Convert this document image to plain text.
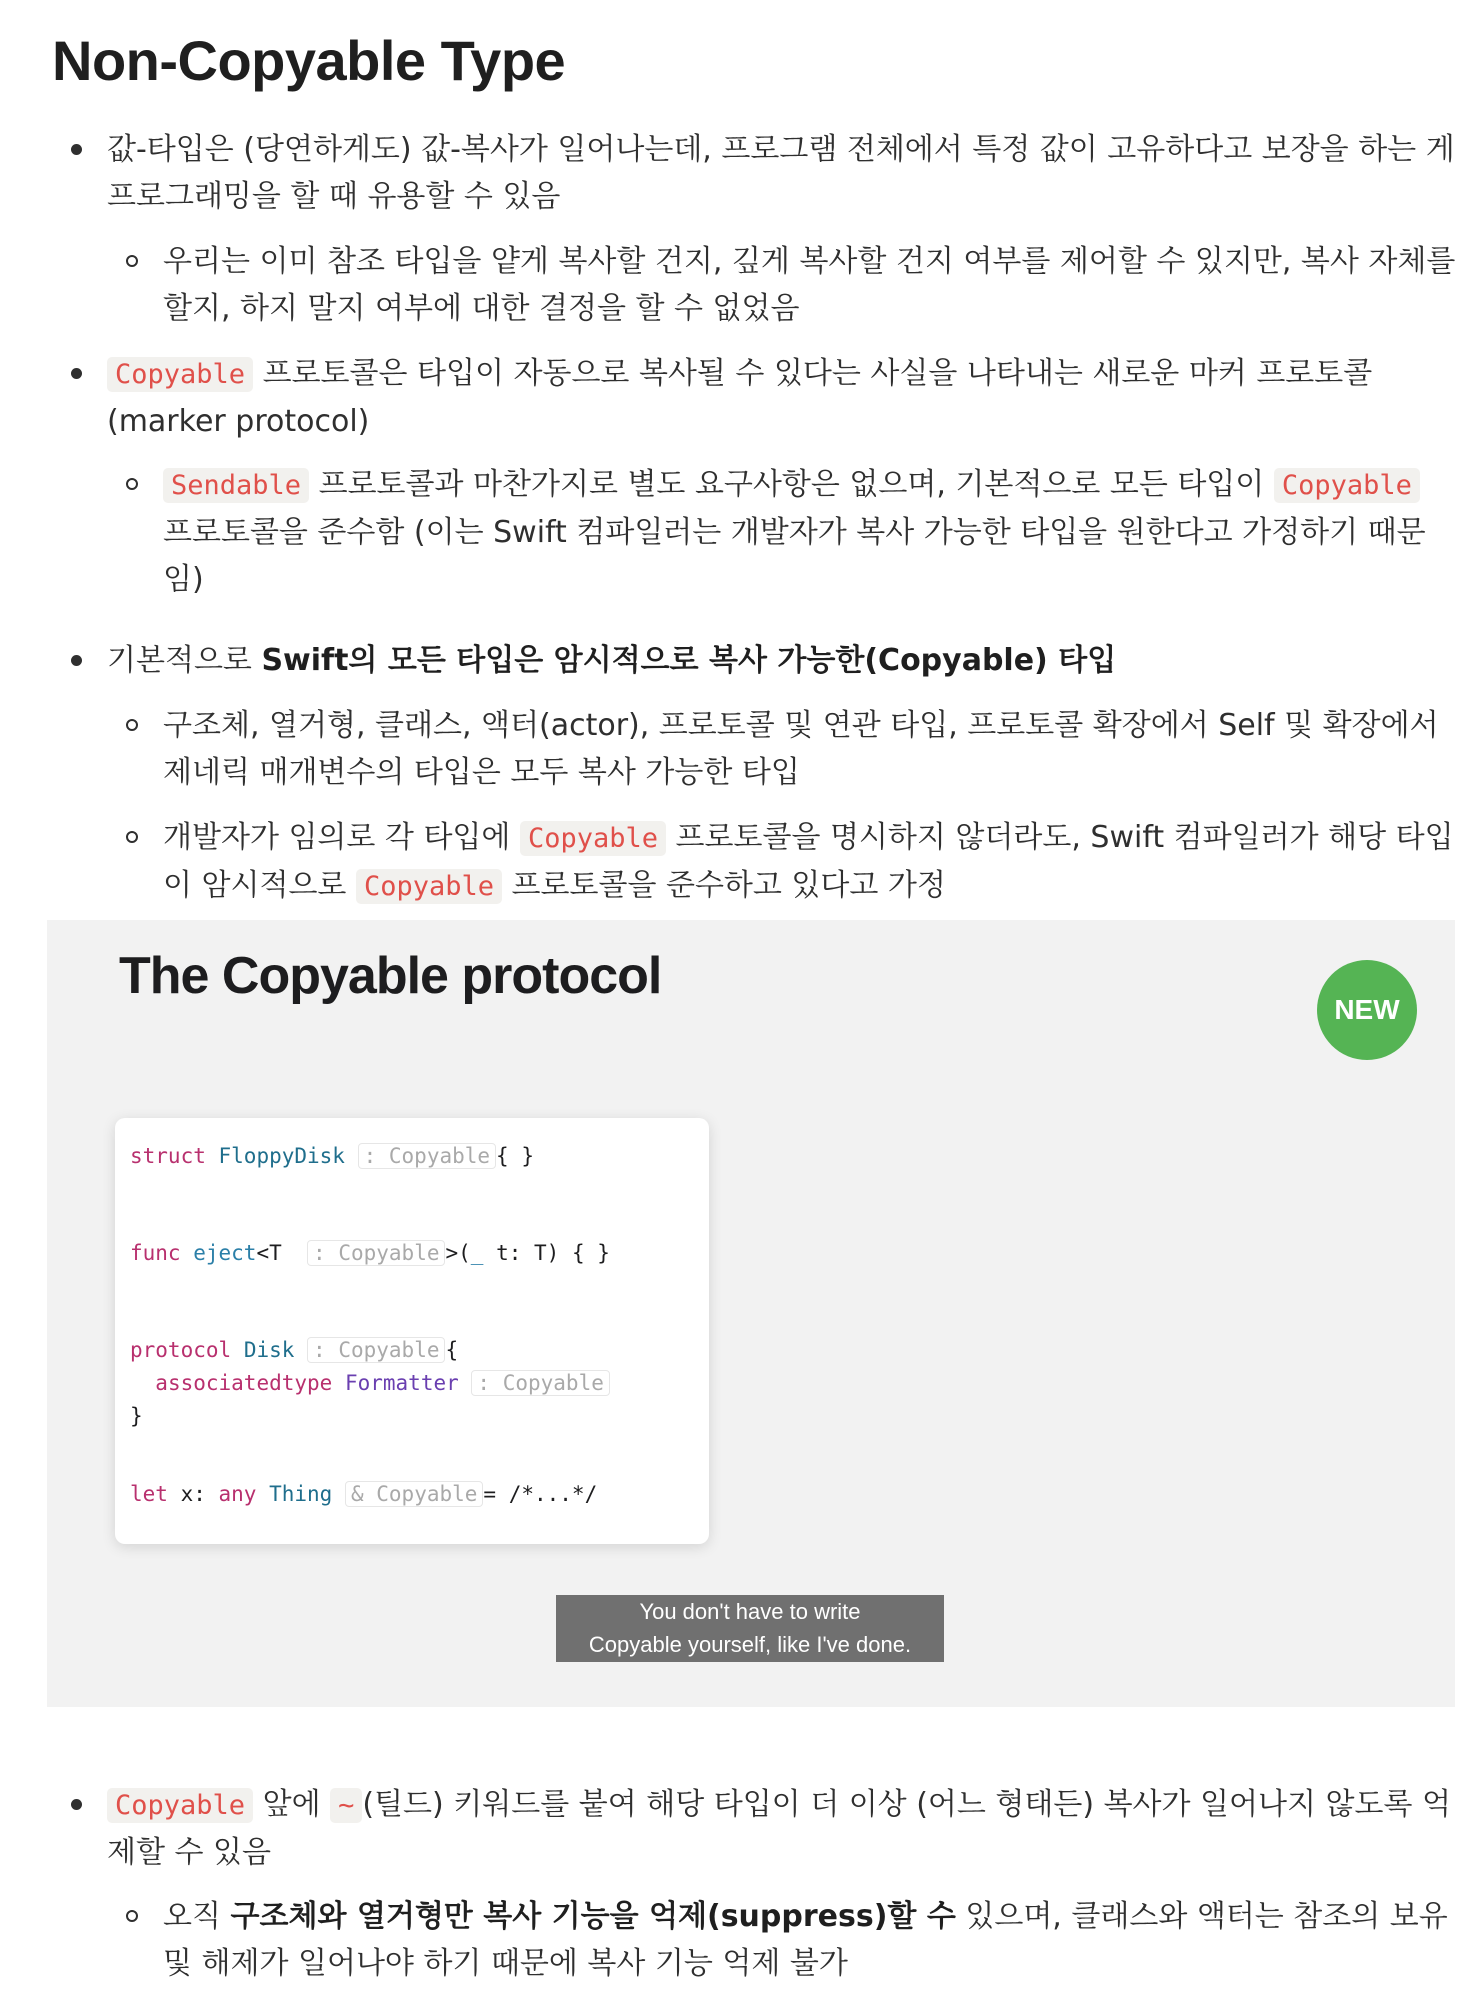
Non-Copyable Type
값-타입은 (당연하게도) 값-복사가 일어나는데, 프로그램 전체에서 특정 값이 고유하다고 보장을 하는 게 프로그래밍을 할 때 유용할 수 있음
우리는 이미 참조 타입을 얕게 복사할 건지, 깊게 복사할 건지 여부를 제어할 수 있지만, 복사 자체를 할지, 하지 말지 여부에 대한 결정을 할 수 없었음
Copyable 프로토콜은 타입이 자동으로 복사될 수 있다는 사실을 나타내는 새로운 마커 프로토콜(marker protocol)
Sendable 프로토콜과 마찬가지로 별도 요구사항은 없으며, 기본적으로 모든 타입이 Copyable 프로토콜을 준수함 (이는 Swift 컴파일러는 개발자가 복사 가능한 타입을 원한다고 가정하기 때문임)
기본적으로 Swift의 모든 타입은 암시적으로 복사 가능한(Copyable) 타입
구조체, 열거형, 클래스, 액터(actor), 프로토콜 및 연관 타입, 프로토콜 확장에서 Self 및 확장에서 제네릭 매개변수의 타입은 모두 복사 가능한 타입
개발자가 임의로 각 타입에 Copyable 프로토콜을 명시하지 않더라도, Swift 컴파일러가 해당 타입이 암시적으로 Copyable 프로토콜을 준수하고 있다고 가정
The Copyable protocol
NEW
struct FloppyDisk : Copyable { }
func eject<T  : Copyable >(_ t: T) { }
protocol Disk : Copyable {
associatedtype Formatter : Copyable
}
let x: any Thing & Copyable = /*...*/
You don't have to write
Copyable yourself, like I've done.
Copyable 앞에 ~ (틸드) 키워드를 붙여 해당 타입이 더 이상 (어느 형태든) 복사가 일어나지 않도록 억제할 수 있음
오직 구조체와 열거형만 복사 기능을 억제(suppress)할 수 있으며, 클래스와 액터는 참조의 보유 및 해제가 일어나야 하기 때문에 복사 기능 억제 불가
